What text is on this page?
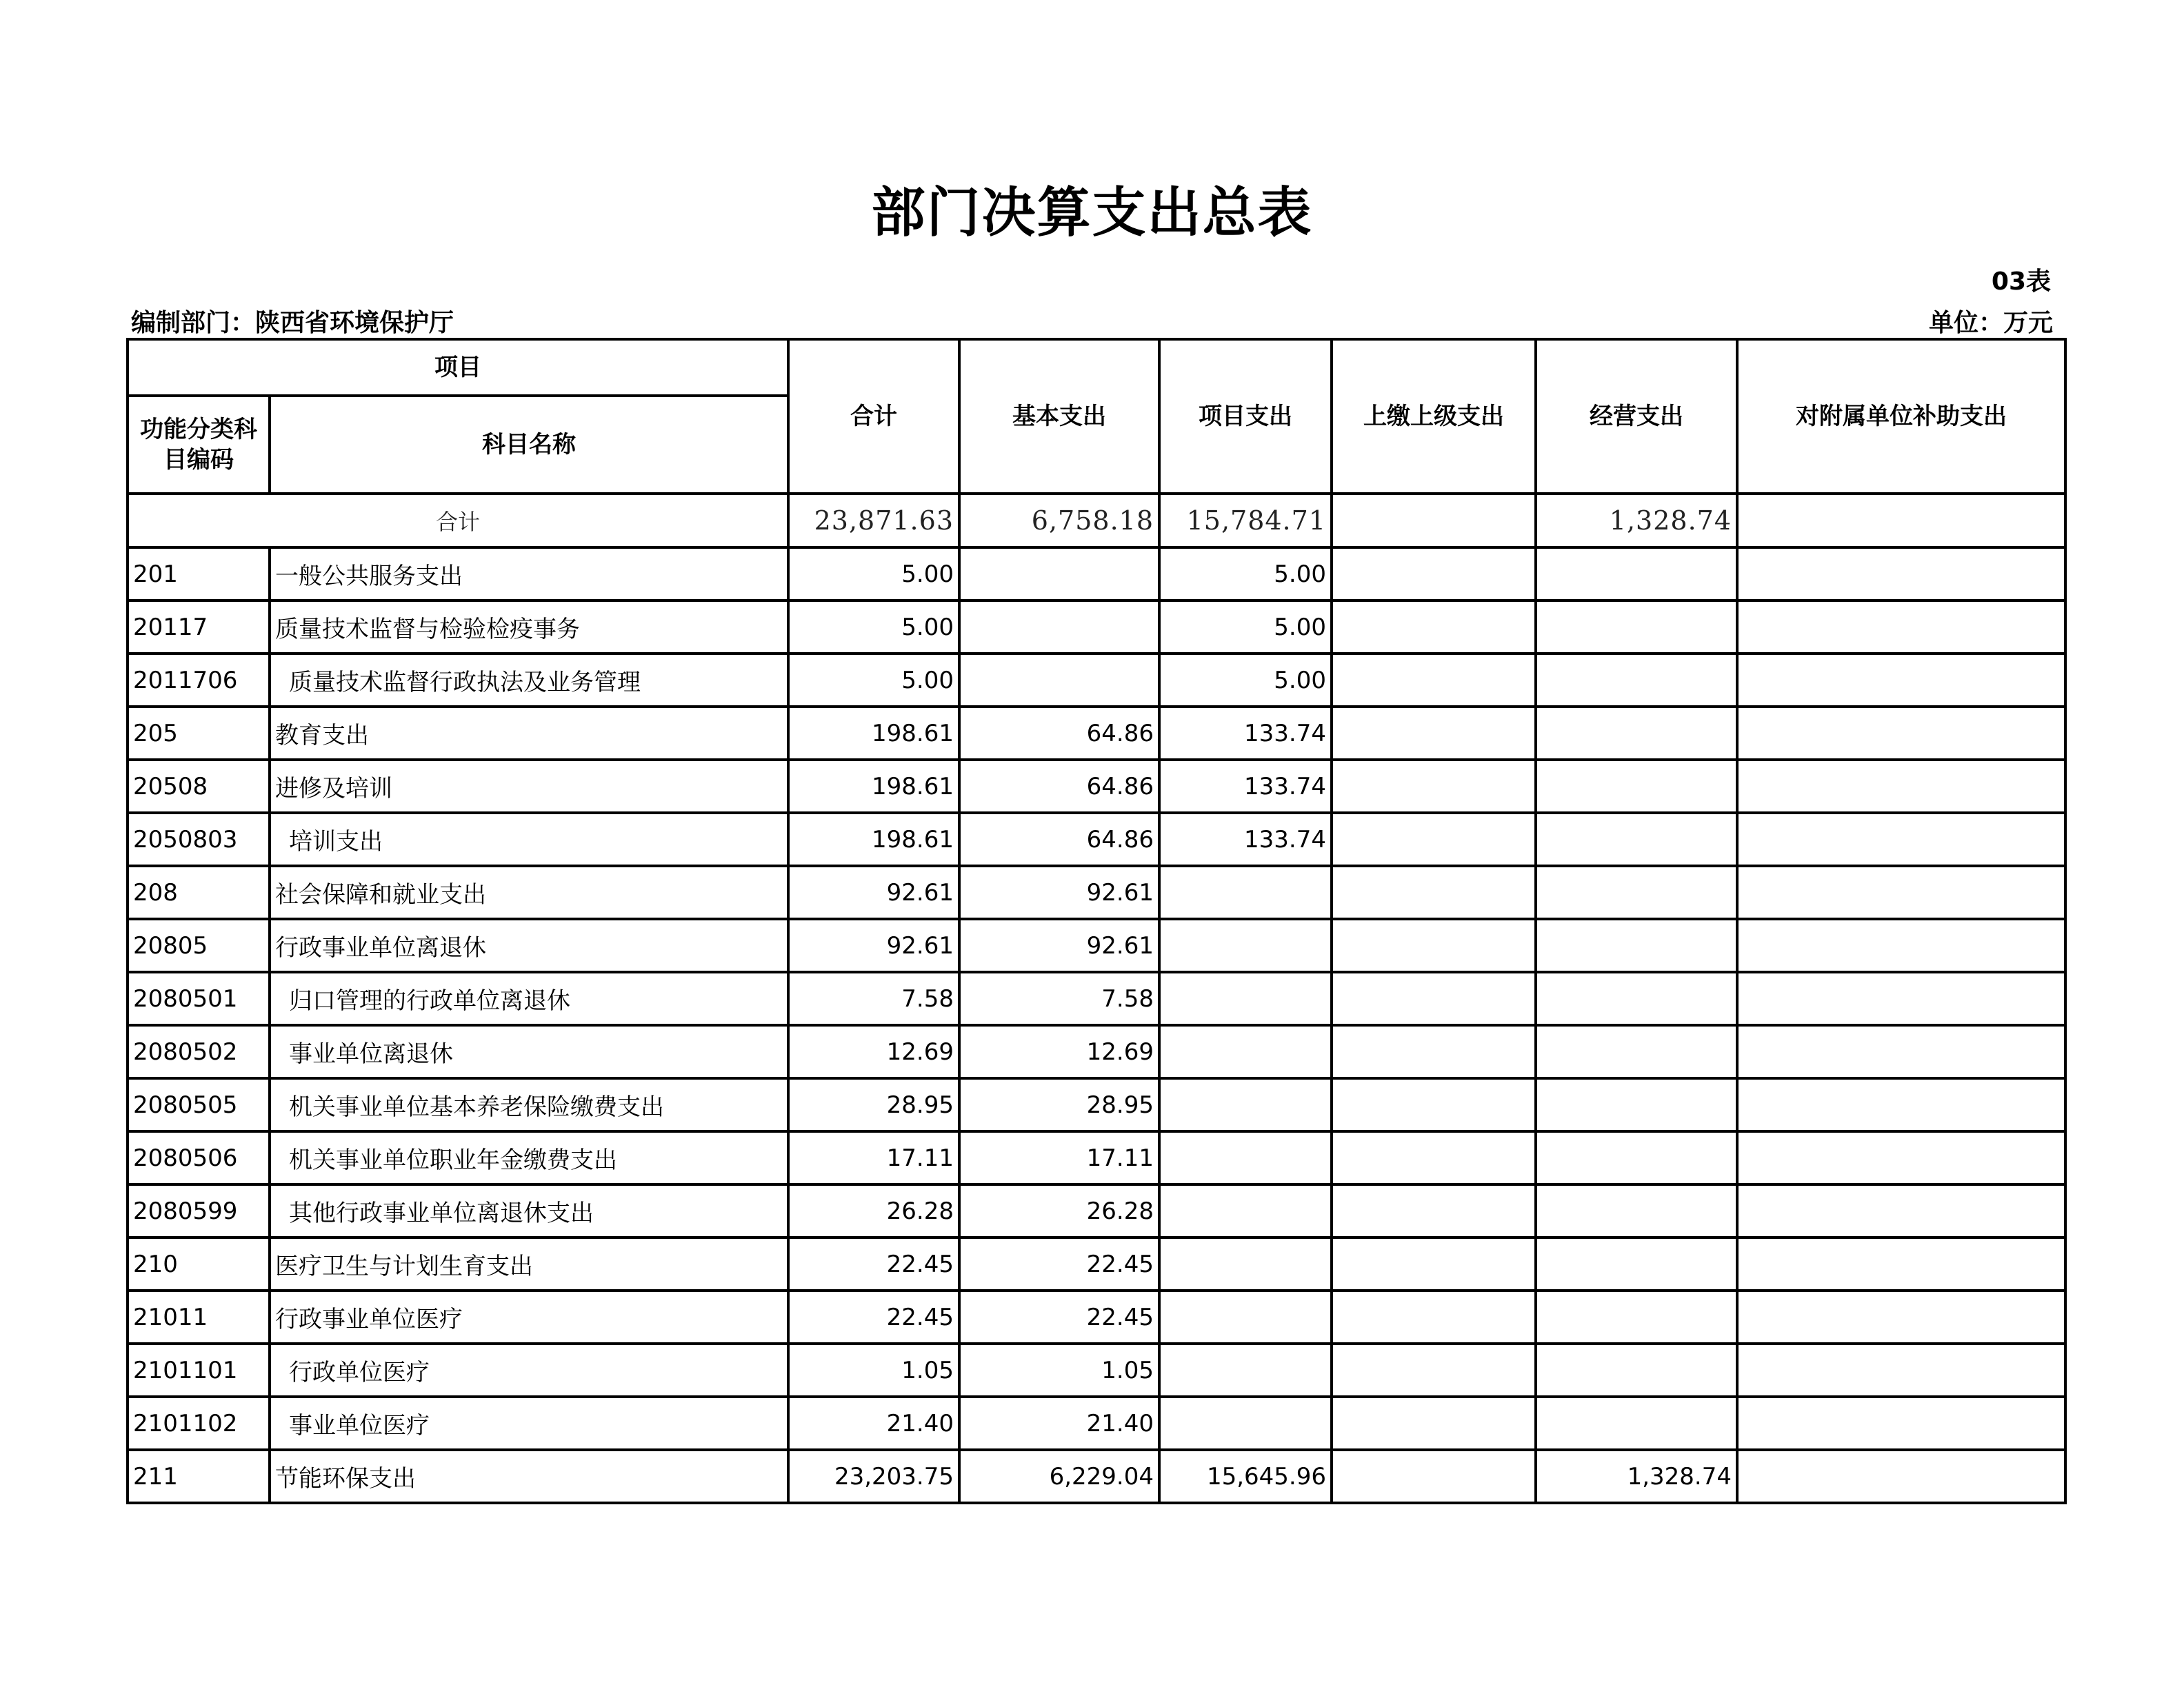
部门决算支出总表
03表
编制部门：陕西省环境保护厅	单位：万元
项目		合计	基本支出	项目支出	上缴上级支出	经营支出	对附属单位补助支出
功能分类科目编码	科目名称						
合计		23,871.63	6,758.18	15,784.71		1,328.74	
201	一般公共服务支出	5.00		5.00			
20117	质量技术监督与检验检疫事务	5.00		5.00			
2011706	质量技术监督行政执法及业务管理	5.00		5.00			
205	教育支出	198.61	64.86	133.74			
20508	进修及培训	198.61	64.86	133.74			
2050803	培训支出	198.61	64.86	133.74			
208	社会保障和就业支出	92.61	92.61				
20805	行政事业单位离退休	92.61	92.61				
2080501	归口管理的行政单位离退休	7.58	7.58				
2080502	事业单位离退休	12.69	12.69				
2080505	机关事业单位基本养老保险缴费支出	28.95	28.95				
2080506	机关事业单位职业年金缴费支出	17.11	17.11				
2080599	其他行政事业单位离退休支出	26.28	26.28				
210	医疗卫生与计划生育支出	22.45	22.45				
21011	行政事业单位医疗	22.45	22.45				
2101101	行政单位医疗	1.05	1.05				
2101102	事业单位医疗	21.40	21.40				
211	节能环保支出	23,203.75	6,229.04	15,645.96		1,328.74	
